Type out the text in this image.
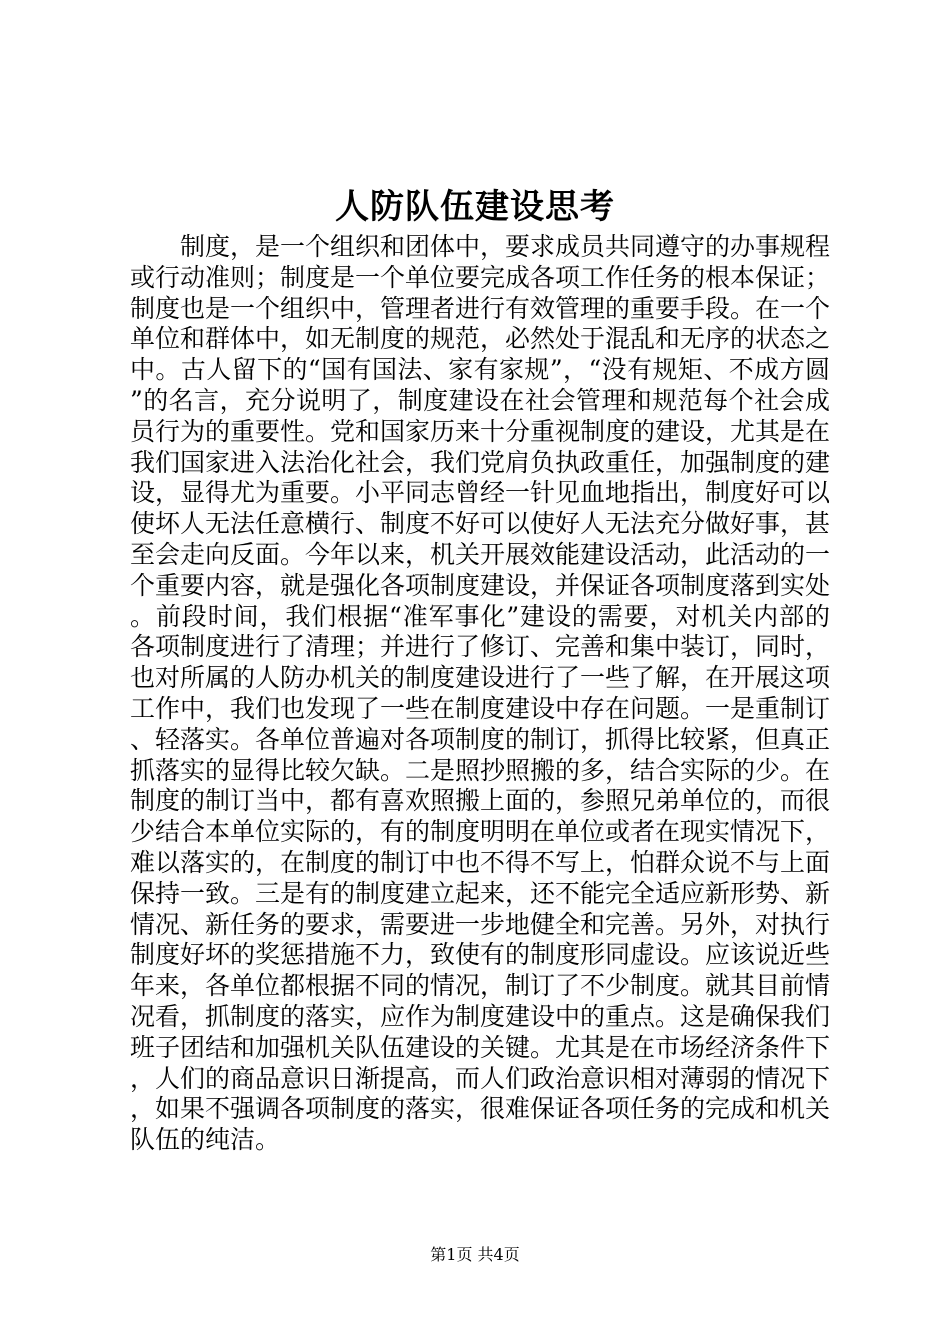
人防队伍建设思考

制度，是一个组织和团体中，要求成员共同遵守的办事规程或行动准则；制度是一个单位要完成各项工作任务的根本保证；制度也是一个组织中，管理者进行有效管理的重要手段。在一个单位和群体中，如无制度的规范，必然处于混乱和无序的状态之中。古人留下的“国有国法、家有家规”，“没有规矩、不成方圆”的名言，充分说明了，制度建设在社会管理和规范每个社会成员行为的重要性。党和国家历来十分重视制度的建设，尤其是在我们国家进入法治化社会，我们党肩负执政重任，加强制度的建设，显得尤为重要。小平同志曾经一针见血地指出，制度好可以使坏人无法任意横行、制度不好可以使好人无法充分做好事，甚至会走向反面。今年以来，机关开展效能建设活动，此活动的一个重要内容，就是强化各项制度建设，并保证各项制度落到实处。前段时间，我们根据“准军事化”建设的需要，对机关内部的各项制度进行了清理；并进行了修订、完善和集中装订，同时，也对所属的人防办机关的制度建设进行了一些了解，在开展这项工作中，我们也发现了一些在制度建设中存在问题。一是重制订、轻落实。各单位普遍对各项制度的制订，抓得比较紧，但真正抓落实的显得比较欠缺。二是照抄照搬的多，结合实际的少。在制度的制订当中，都有喜欢照搬上面的，参照兄弟单位的，而很少结合本单位实际的，有的制度明明在单位或者在现实情况下，难以落实的，在制度的制订中也不得不写上，怕群众说不与上面保持一致。三是有的制度建立起来，还不能完全适应新形势、新情况、新任务的要求，需要进一步地健全和完善。另外，对执行制度好坏的奖惩措施不力，致使有的制度形同虚设。应该说近些年来，各单位都根据不同的情况，制订了不少制度。就其目前情况看，抓制度的落实，应作为制度建设中的重点。这是确保我们班子团结和加强机关队伍建设的关键。尤其是在市场经济条件下，人们的商品意识日渐提高，而人们政治意识相对薄弱的情况下，如果不强调各项制度的落实，很难保证各项任务的完成和机关队伍的纯洁。

第1页 共4页
